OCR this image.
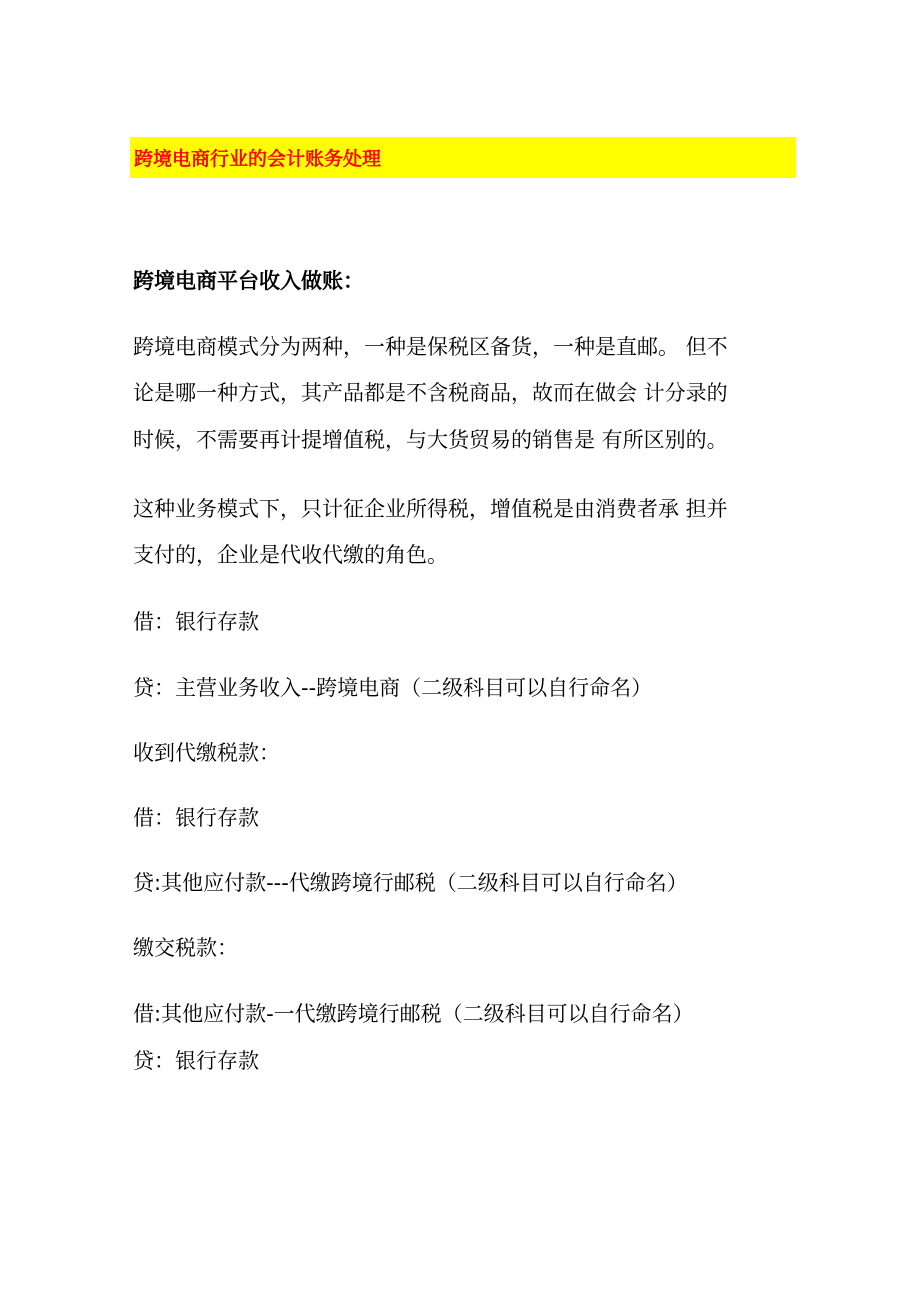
跨境电商行业的会计账务处理
跨境电商平台收入做账：
跨境电商模式分为两种，一种是保税区备货，一种是直邮。 但不
论是哪一种方式，其产品都是不含税商品，故而在做会 计分录的
时候，不需要再计提增值税，与大货贸易的销售是 有所区别的。
这种业务模式下，只计征企业所得税，增值税是由消费者承 担并
支付的，企业是代收代缴的角色。
借：银行存款
贷：主营业务收入--跨境电商（二级科目可以自行命名）
收到代缴税款：
借：银行存款
贷:其他应付款---代缴跨境行邮税（二级科目可以自行命名）
缴交税款：
借:其他应付款-一代缴跨境行邮税（二级科目可以自行命名）
贷：银行存款
